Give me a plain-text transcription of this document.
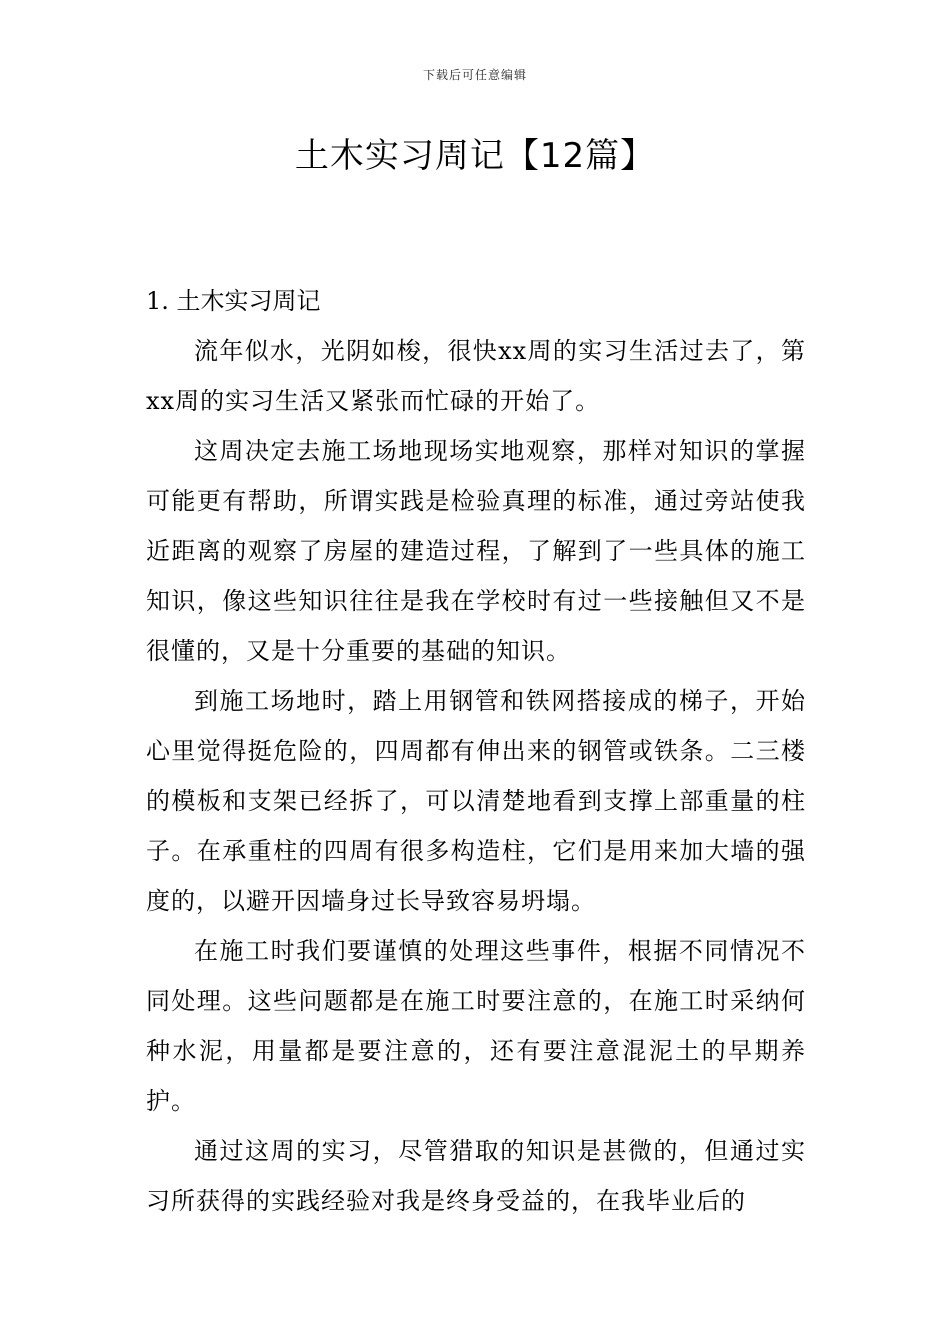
下载后可任意编辑
土木实习周记【12篇】

1. 土木实习周记

流年似水，光阴如梭，很快xx周的实习生活过去了，第xx周的实习生活又紧张而忙碌的开始了。

这周决定去施工场地现场实地观察，那样对知识的掌握可能更有帮助，所谓实践是检验真理的标准，通过旁站使我近距离的观察了房屋的建造过程，了解到了一些具体的施工知识，像这些知识往往是我在学校时有过一些接触但又不是很懂的，又是十分重要的基础的知识。

到施工场地时，踏上用钢管和铁网搭接成的梯子，开始心里觉得挺危险的，四周都有伸出来的钢管或铁条。二三楼的模板和支架已经拆了，可以清楚地看到支撑上部重量的柱子。在承重柱的四周有很多构造柱，它们是用来加大墙的强度的，以避开因墙身过长导致容易坍塌。

在施工时我们要谨慎的处理这些事件，根据不同情况不同处理。这些问题都是在施工时要注意的，在施工时采纳何种水泥，用量都是要注意的，还有要注意混泥土的早期养护。

通过这周的实习，尽管猎取的知识是甚微的，但通过实习所获得的实践经验对我是终身受益的，在我毕业后的
